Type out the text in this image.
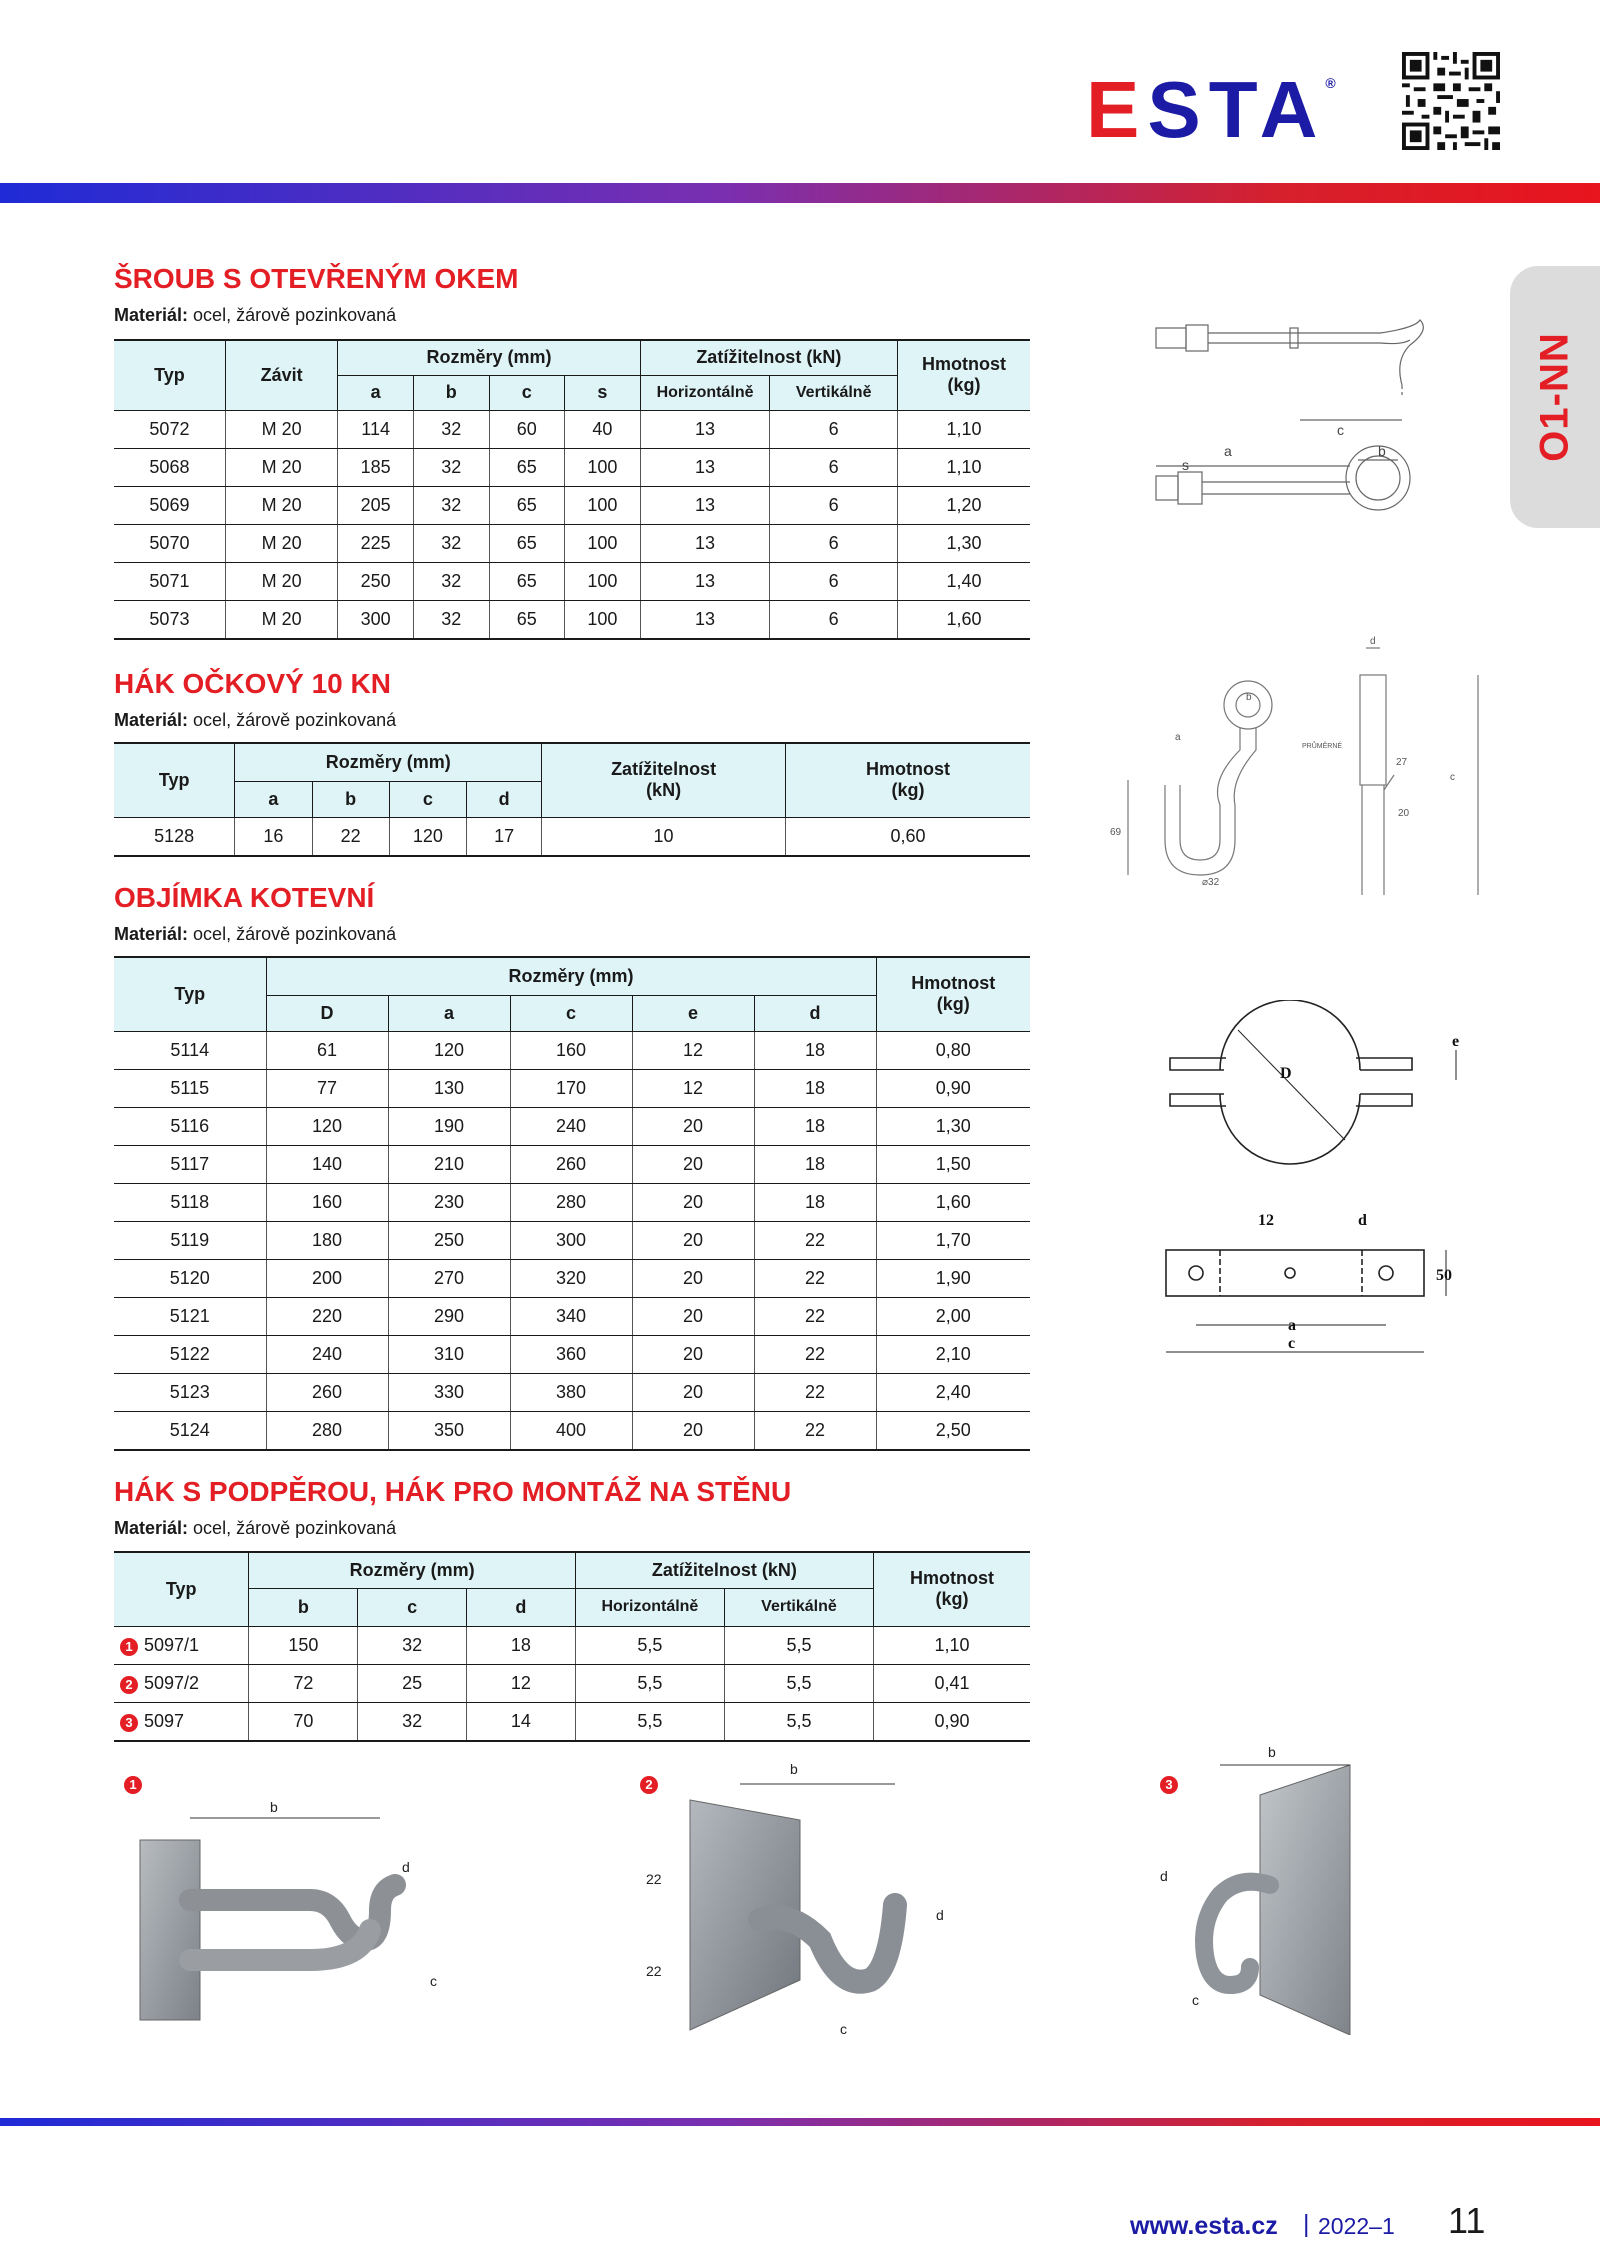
ESTA®
O1-NN
ŠROUB S OTEVŘENÝM OKEM
Materiál: ocel, žárově pozinkovaná
Typ	Závit	Rozměry (mm)				Zatížitelnost (kN)		Hmotnost (kg)
		a	b	c	s	Horizontálně	Vertikálně	
5072	M 20	114	32	60	40	13	6	1,10
5068	M 20	185	32	65	100	13	6	1,10
5069	M 20	205	32	65	100	13	6	1,20
5070	M 20	225	32	65	100	13	6	1,30
5071	M 20	250	32	65	100	13	6	1,40
5073	M 20	300	32	65	100	13	6	1,60
HÁK OČKOVÝ 10 KN
Materiál: ocel, žárově pozinkovaná
Typ	Rozměry (mm)				Zatížitelnost (kN)	Hmotnost (kg)
	a	b	c	d		
5128	16	22	120	17	10	0,60
OBJÍMKA KOTEVNÍ
Materiál: ocel, žárově pozinkovaná
Typ	Rozměry (mm)					Hmotnost (kg)
	D	a	c	e	d	
5114	61	120	160	12	18	0,80
5115	77	130	170	12	18	0,90
5116	120	190	240	20	18	1,30
5117	140	210	260	20	18	1,50
5118	160	230	280	20	18	1,60
5119	180	250	300	20	22	1,70
5120	200	270	320	20	22	1,90
5121	220	290	340	20	22	2,00
5122	240	310	360	20	22	2,10
5123	260	330	380	20	22	2,40
5124	280	350	400	20	22	2,50
HÁK S PODPĚROU, HÁK PRO MONTÁŽ NA STĚNU
Materiál: ocel, žárově pozinkovaná
Typ	Rozměry (mm)			Zatížitelnost (kN)		Hmotnost (kg)
	b	c	d	Horizontálně	Vertikálně	
1 5097/1	150	32	18	5,5	5,5	1,10
2 5097/2	72	25	12	5,5	5,5	0,41
3 5097	70	32	14	5,5	5,5	0,90
c
s
a	b
d
a
b
c
⌀32
69
27
20
PRŮMĚRNÉ
D
e
12	d
50
a
c
1
b
d
c
2
b
22
22
d
c
3
b
d
c
www.esta.cz | 2022–1 11
